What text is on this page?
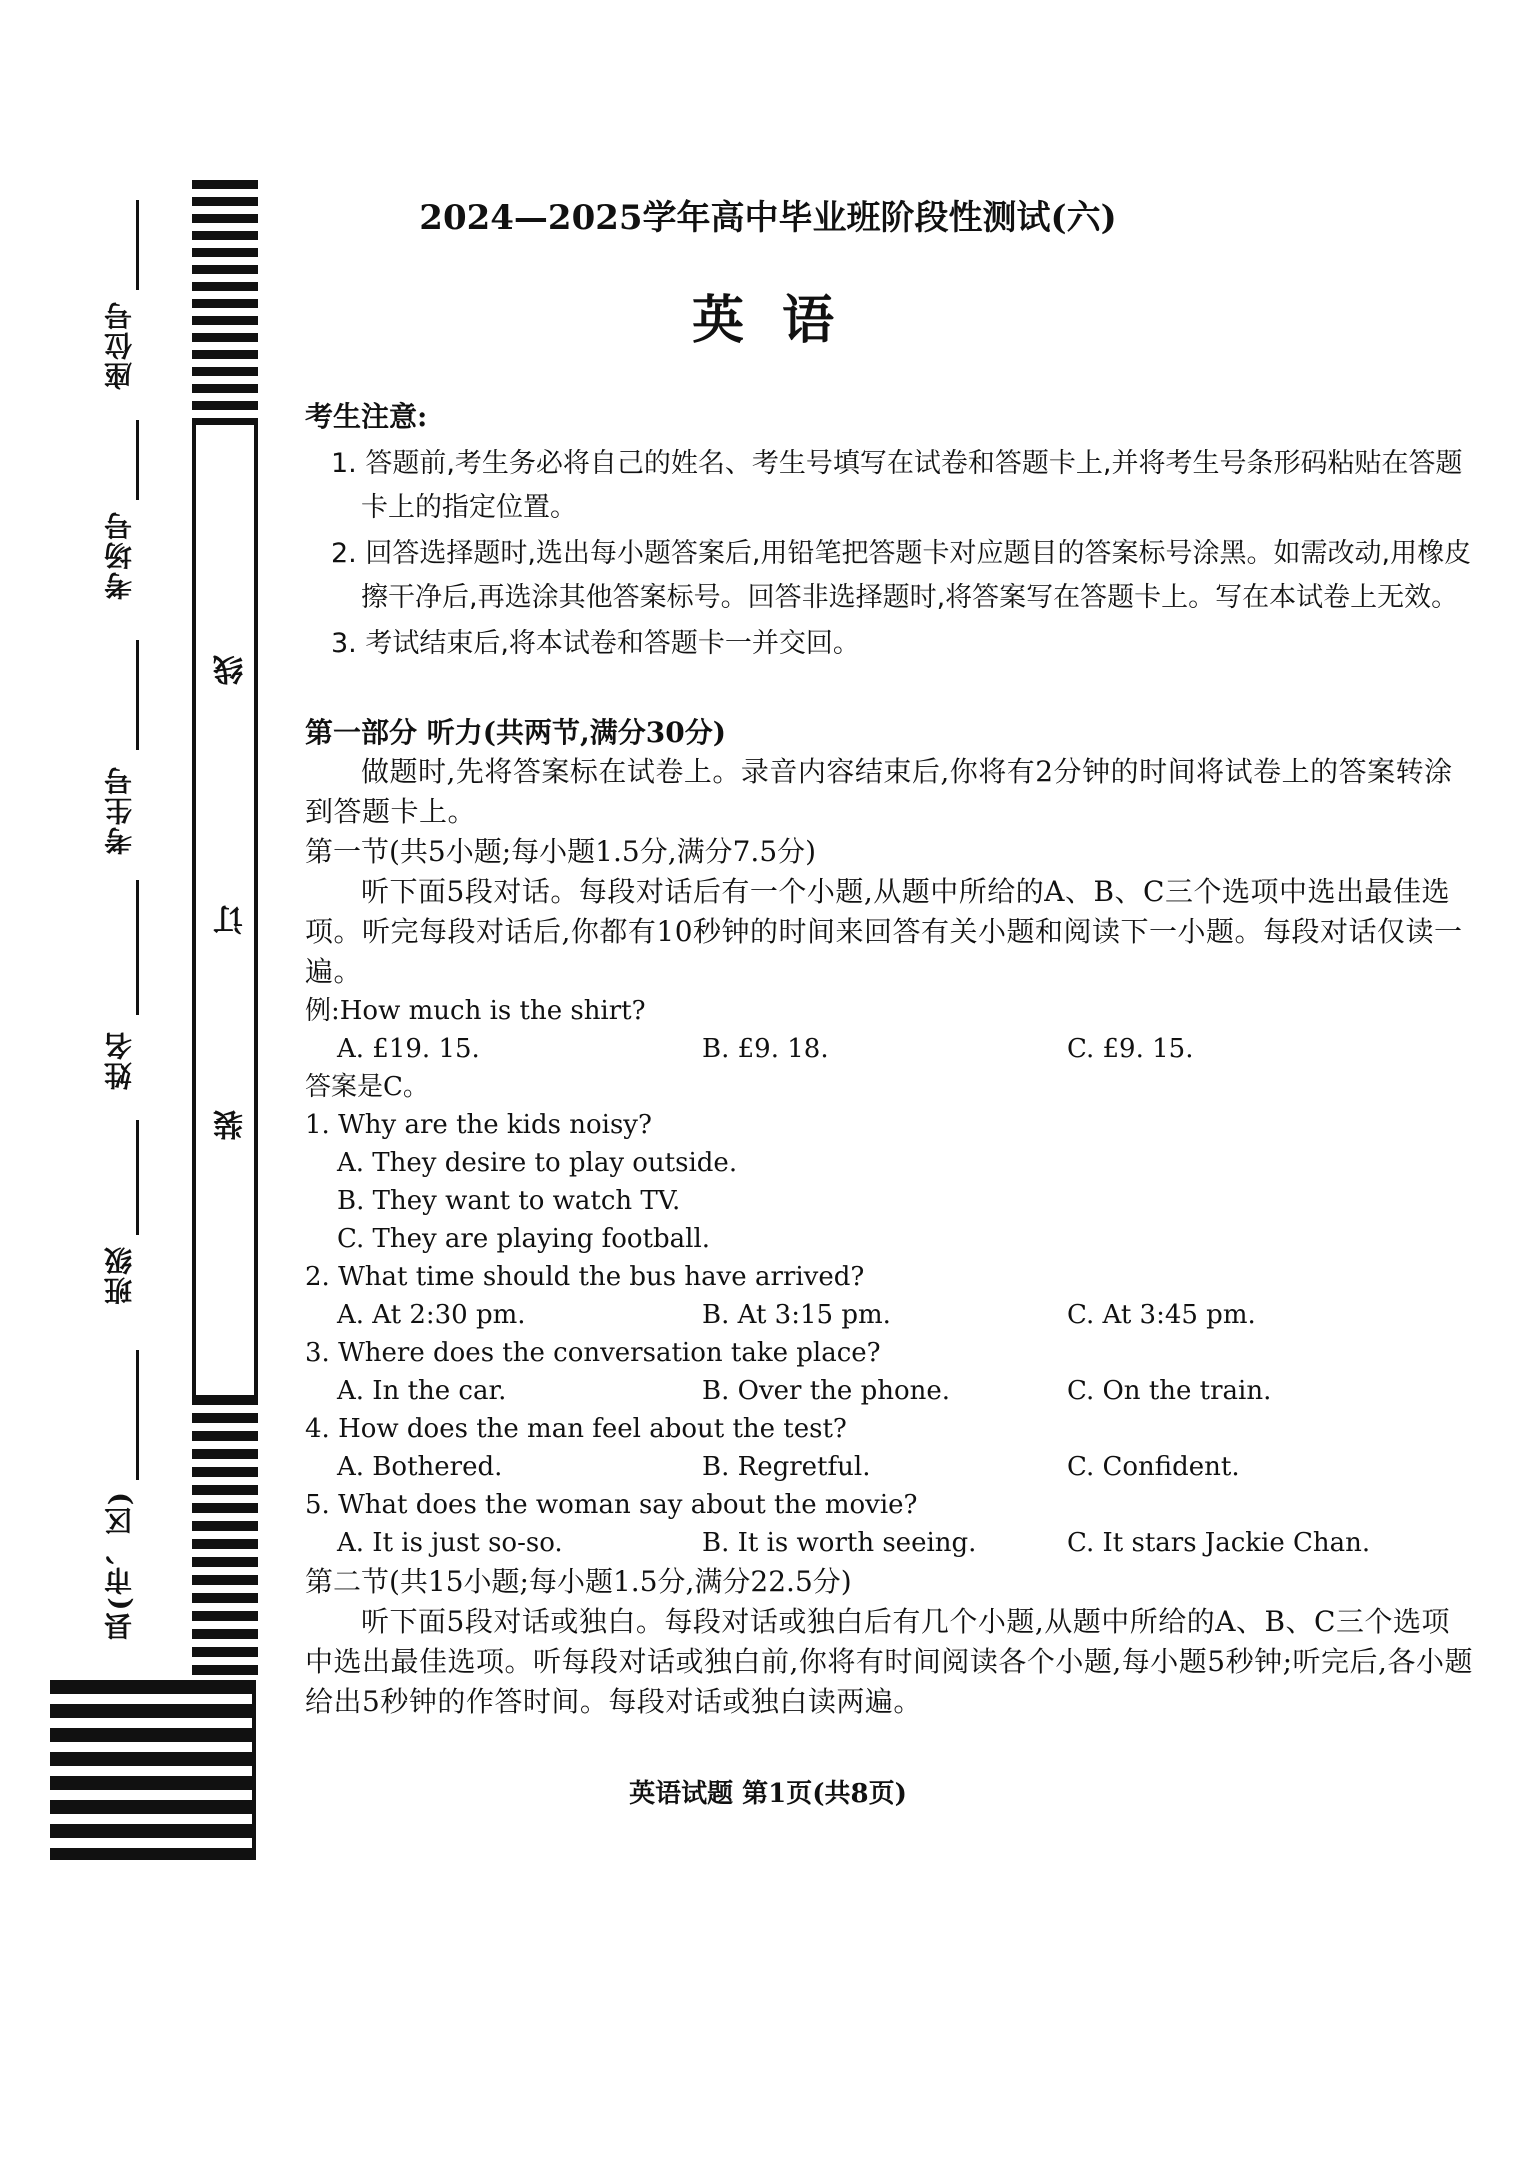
座位号
考场号
考生号
姓名
班级
县(市、区)
线
订
装
2024—2025学年高中毕业班阶段性测试(六)
英 语
考生注意:
1. 答题前,考生务必将自己的姓名、考生号填写在试卷和答题卡上,并将考生号条形码粘贴在答题卡上的指定位置。
2. 回答选择题时,选出每小题答案后,用铅笔把答题卡对应题目的答案标号涂黑。如需改动,用橡皮擦干净后,再选涂其他答案标号。回答非选择题时,将答案写在答题卡上。写在本试卷上无效。
3. 考试结束后,将本试卷和答题卡一并交回。
第一部分 听力(共两节,满分30分)
做题时,先将答案标在试卷上。录音内容结束后,你将有2分钟的时间将试卷上的答案转涂到答题卡上。
第一节(共5小题;每小题1.5分,满分7.5分)
听下面5段对话。每段对话后有一个小题,从题中所给的A、B、C三个选项中选出最佳选项。听完每段对话后,你都有10秒钟的时间来回答有关小题和阅读下一小题。每段对话仅读一遍。
例:How much is the shirt?
A. £19. 15.	B. £9. 18.	C. £9. 15.
答案是C。
1. Why are the kids noisy?
A. They desire to play outside.
B. They want to watch TV.
C. They are playing football.
2. What time should the bus have arrived?
A. At 2:30 pm.	B. At 3:15 pm.	C. At 3:45 pm.
3. Where does the conversation take place?
A. In the car.	B. Over the phone.	C. On the train.
4. How does the man feel about the test?
A. Bothered.	B. Regretful.	C. Confident.
5. What does the woman say about the movie?
A. It is just so-so.	B. It is worth seeing.	C. It stars Jackie Chan.
第二节(共15小题;每小题1.5分,满分22.5分)
听下面5段对话或独白。每段对话或独白后有几个小题,从题中所给的A、B、C三个选项中选出最佳选项。听每段对话或独白前,你将有时间阅读各个小题,每小题5秒钟;听完后,各小题给出5秒钟的作答时间。每段对话或独白读两遍。
英语试题 第1页(共8页)
